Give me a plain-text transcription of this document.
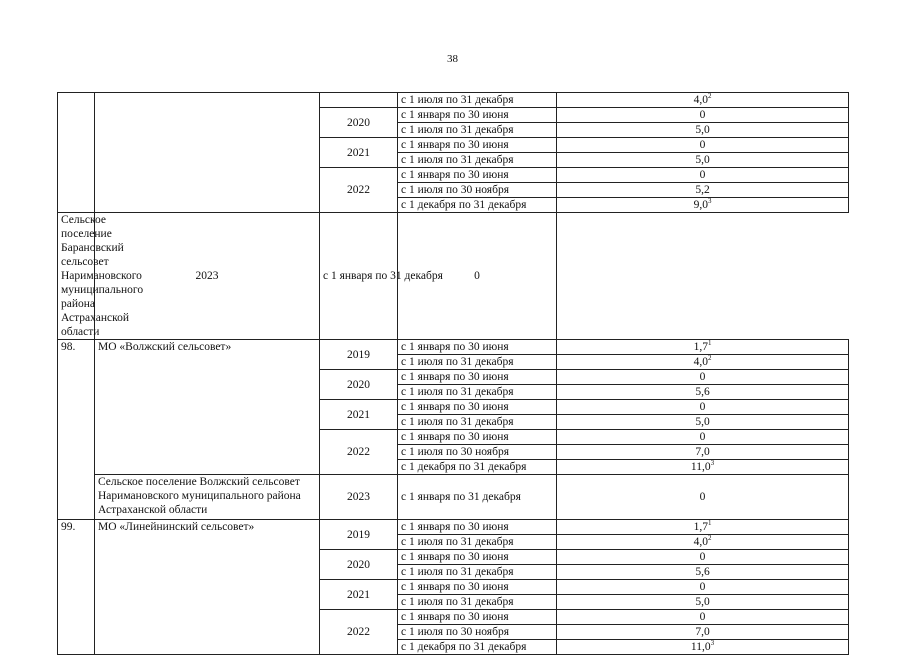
38
			с 1 июля по 31 декабря	$4,0^2$
		2020	с 1 января по 30 июня	0
			с 1 июля по 31 декабря	5,0
		2021	с 1 января по 30 июня	0
			с 1 июля по 31 декабря	5,0
		2022	с 1 января по 30 июня	0
			с 1 июля по 30 ноября	5,2
			с 1 декабря по 31 декабря	$9,0^3$
Сельское поселение Барановский сельсовет Наримановского муниципального района Астраханской области	2023	с 1 января по 31 декабря	0	
98.	МО «Волжский сельсовет»	2019	с 1 января по 30 июня	$1,7^1$
			с 1 июля по 31 декабря	$4,0^2$
		2020	с 1 января по 30 июня	0
			с 1 июля по 31 декабря	5,6
		2021	с 1 января по 30 июня	0
			с 1 июля по 31 декабря	5,0
		2022	с 1 января по 30 июня	0
			с 1 июля по 30 ноября	7,0
			с 1 декабря по 31 декабря	11,0$^3$
	Сельское поселение Волжский сельсовет Наримановского муниципального района Астраханской области	2023	с 1 января по 31 декабря	0
99.	МО «Линейнинский сельсовет»	2019	с 1 января по 30 июня	$1,7^1$
			с 1 июля по 31 декабря	$4,0^2$
		2020	с 1 января по 30 июня	0
			с 1 июля по 31 декабря	5,6
		2021	с 1 января по 30 июня	0
			с 1 июля по 31 декабря	5,0
		2022	с 1 января по 30 июня	0
			с 1 июля по 30 ноября	7,0
			с 1 декабря по 31 декабря	11,0$^3$
